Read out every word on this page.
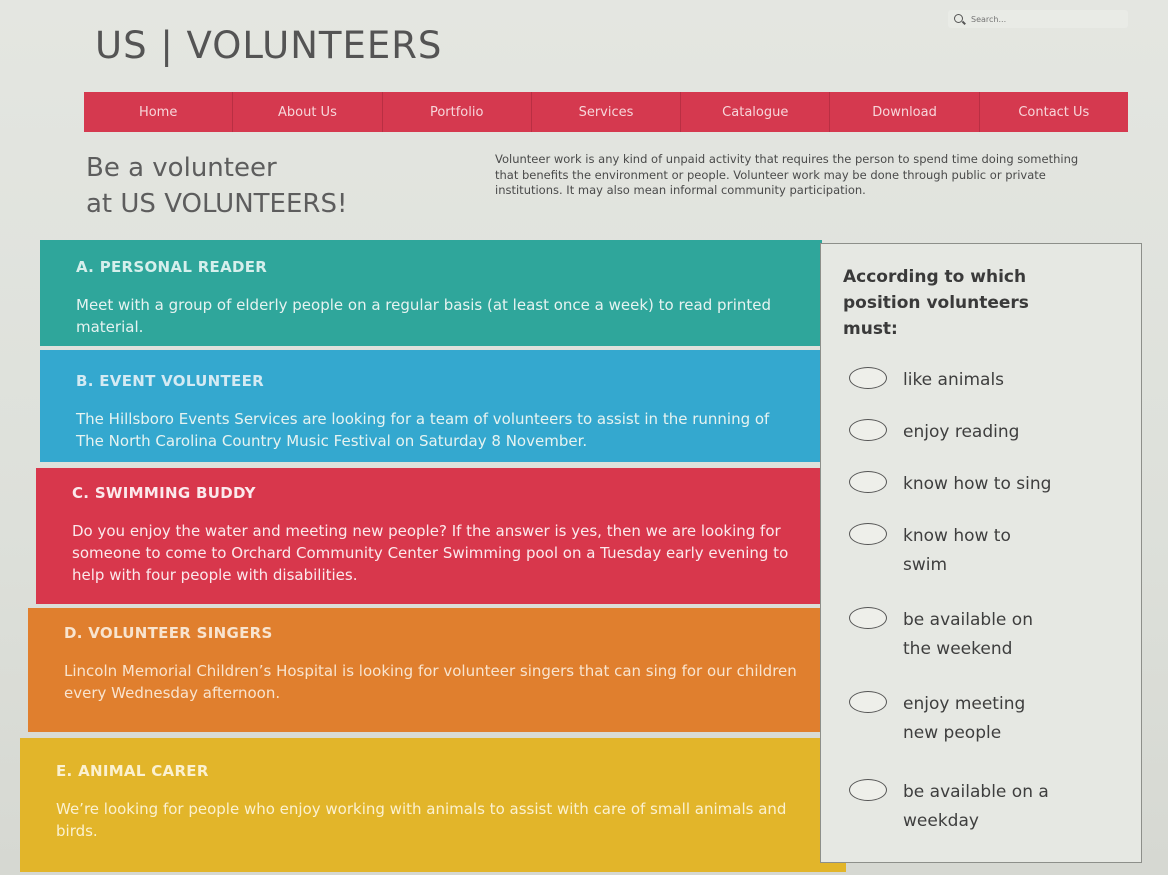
Search...
US | VOLUNTEERS
Home	About Us	Portfolio	Services	Catalogue	Download	Contact Us
Be a volunteer
at US VOLUNTEERS!
Volunteer work is any kind of unpaid activity that requires the person to spend time doing something that benefits the environment or people. Volunteer work may be done through public or private institutions. It may also mean informal community participation.
A. PERSONAL READER
Meet with a group of elderly people on a regular basis (at least once a week) to read printed material.
B. EVENT VOLUNTEER
The Hillsboro Events Services are looking for a team of volunteers to assist in the running of The North Carolina Country Music Festival on Saturday 8 November.
C. SWIMMING BUDDY
Do you enjoy the water and meeting new people? If the answer is yes, then we are looking for someone to come to Orchard Community Center Swimming pool on a Tuesday early evening to help with four people with disabilities.
D. VOLUNTEER SINGERS
Lincoln Memorial Children’s Hospital is looking for volunteer singers that can sing for our children every Wednesday afternoon.
E. ANIMAL CARER
We’re looking for people who enjoy working with animals to assist with care of small animals and birds.
According to which
position volunteers
must:
like animals
enjoy reading
know how to sing
know how to
swim
be available on
the weekend
enjoy meeting
new people
be available on a
weekday
